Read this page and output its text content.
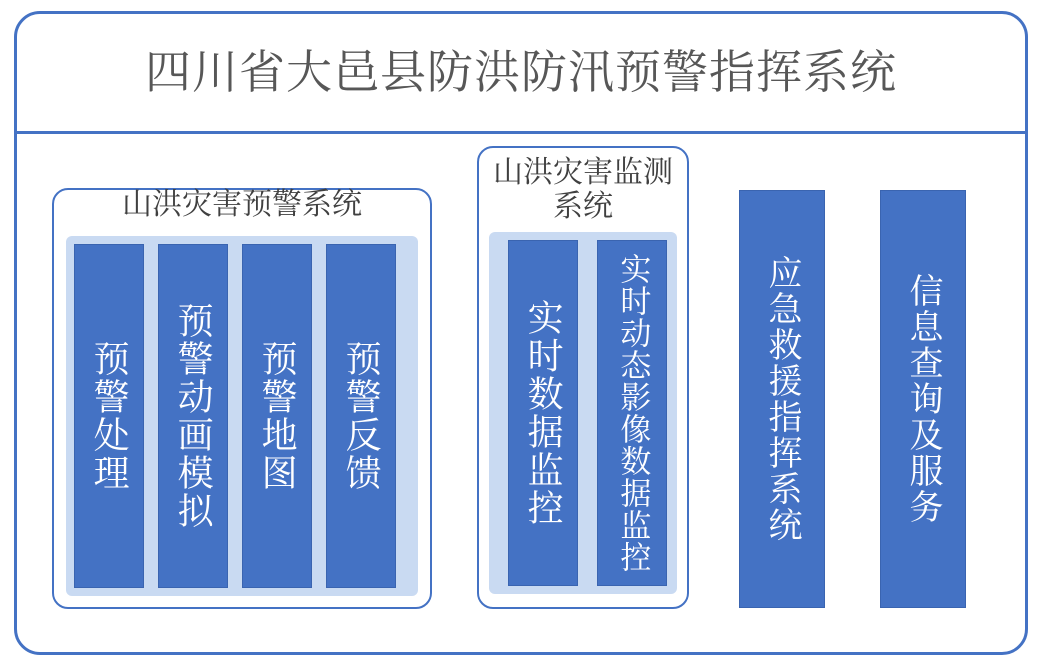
四川省大邑县防洪防汛预警指挥系统
山洪灾害预警系统
预警处理 预警动画模拟 预警地图 预警反馈
山洪灾害监测系统
实时数据监控 实时动态影像数据监控	应急救援指挥系统	信息查询及服务
